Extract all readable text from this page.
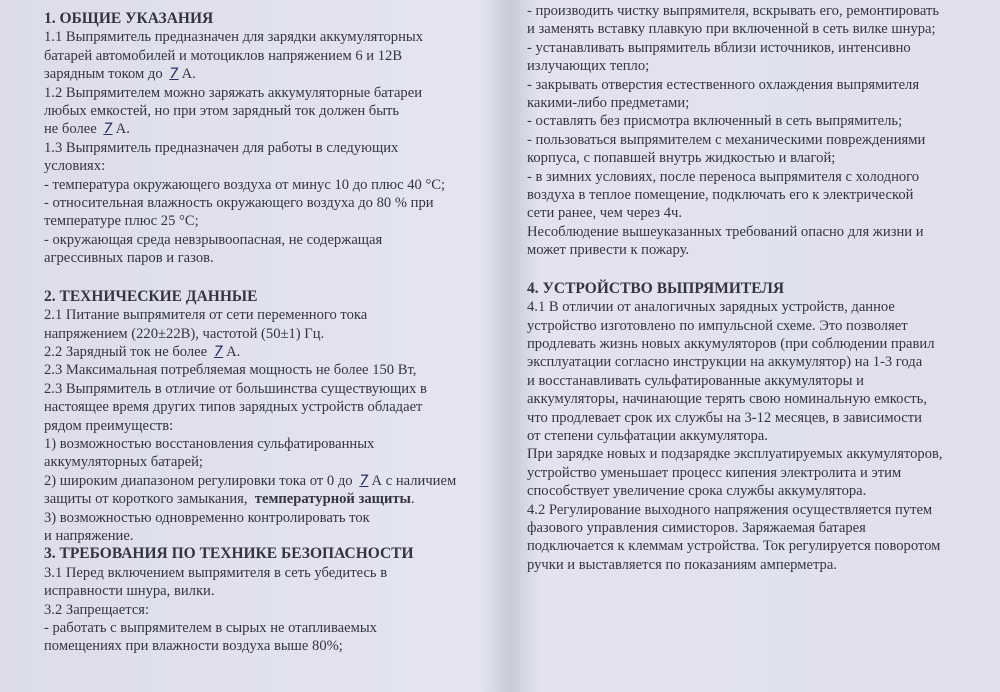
1. ОБЩИЕ УКАЗАНИЯ

1.1 Выпрямитель предназначен для зарядки аккумуляторных

батарей автомобилей и мотоциклов напряжением 6 и 12В

зарядным током до 7 А.

1.2 Выпрямителем можно заряжать аккумуляторные батареи

любых емкостей, но при этом зарядный ток должен быть

не более 7 А.

1.3 Выпрямитель предназначен для работы в следующих

условиях:

- температура окружающего воздуха от минус 10 до плюс 40 °С;

- относительная влажность окружающего воздуха до 80 % при

температуре плюс 25 °С;

- окружающая среда невзрывоопасная, не содержащая

агрессивных паров и газов.

2. ТЕХНИЧЕСКИЕ ДАННЫЕ

2.1 Питание выпрямителя от сети переменного тока

напряжением (220±22В), частотой (50±1) Гц.

2.2 Зарядный ток не более 7 А.

2.3 Максимальная потребляемая мощность не более 150 Вт,

2.3 Выпрямитель в отличие от большинства существующих в

настоящее время других типов зарядных устройств обладает

рядом преимуществ:

1) возможностью восстановления сульфатированных

аккумуляторных батарей;

2) широким диапазоном регулировки тока от 0 до 7 А с наличием

защиты от короткого замыкания, температурной защиты.

3) возможностью одновременно контролировать ток

и напряжение.

3. ТРЕБОВАНИЯ ПО ТЕХНИКЕ БЕЗОПАСНОСТИ

3.1 Перед включением выпрямителя в сеть убедитесь в

исправности шнура, вилки.

3.2 Запрещается:

- работать с выпрямителем в сырых не отапливаемых

помещениях при влажности воздуха выше 80%;

- производить чистку выпрямителя, вскрывать его, ремонтировать

и заменять вставку плавкую при включенной в сеть вилке шнура;

- устанавливать выпрямитель вблизи источников, интенсивно

излучающих тепло;

- закрывать отверстия естественного охлаждения выпрямителя

какими-либо предметами;

- оставлять без присмотра включенный в сеть выпрямитель;

- пользоваться выпрямителем с механическими повреждениями

корпуса, с попавшей внутрь жидкостью и влагой;

- в зимних условиях, после переноса выпрямителя с холодного

воздуха в теплое помещение, подключать его к электрической

сети ранее, чем через 4ч.

Несоблюдение вышеуказанных требований опасно для жизни и

может привести к пожару.

4. УСТРОЙСТВО ВЫПРЯМИТЕЛЯ

4.1 В отличии от аналогичных зарядных устройств, данное

устройство изготовлено по импульсной схеме. Это позволяет

продлевать жизнь новых аккумуляторов (при соблюдении правил

эксплуатации согласно инструкции на аккумулятор) на 1-3 года

и восстанавливать сульфатированные аккумуляторы и

аккумуляторы, начинающие терять свою номинальную емкость,

что продлевает срок их службы на 3-12 месяцев, в зависимости

от степени сульфатации аккумулятора.

При зарядке новых и подзарядке эксплуатируемых аккумуляторов,

устройство уменьшает процесс кипения электролита и этим

способствует увеличение срока службы аккумулятора.

4.2 Регулирование выходного напряжения осуществляется путем

фазового управления симисторов. Заряжаемая батарея

подключается к клеммам устройства. Ток регулируется поворотом

ручки и выставляется по показаниям амперметра.
